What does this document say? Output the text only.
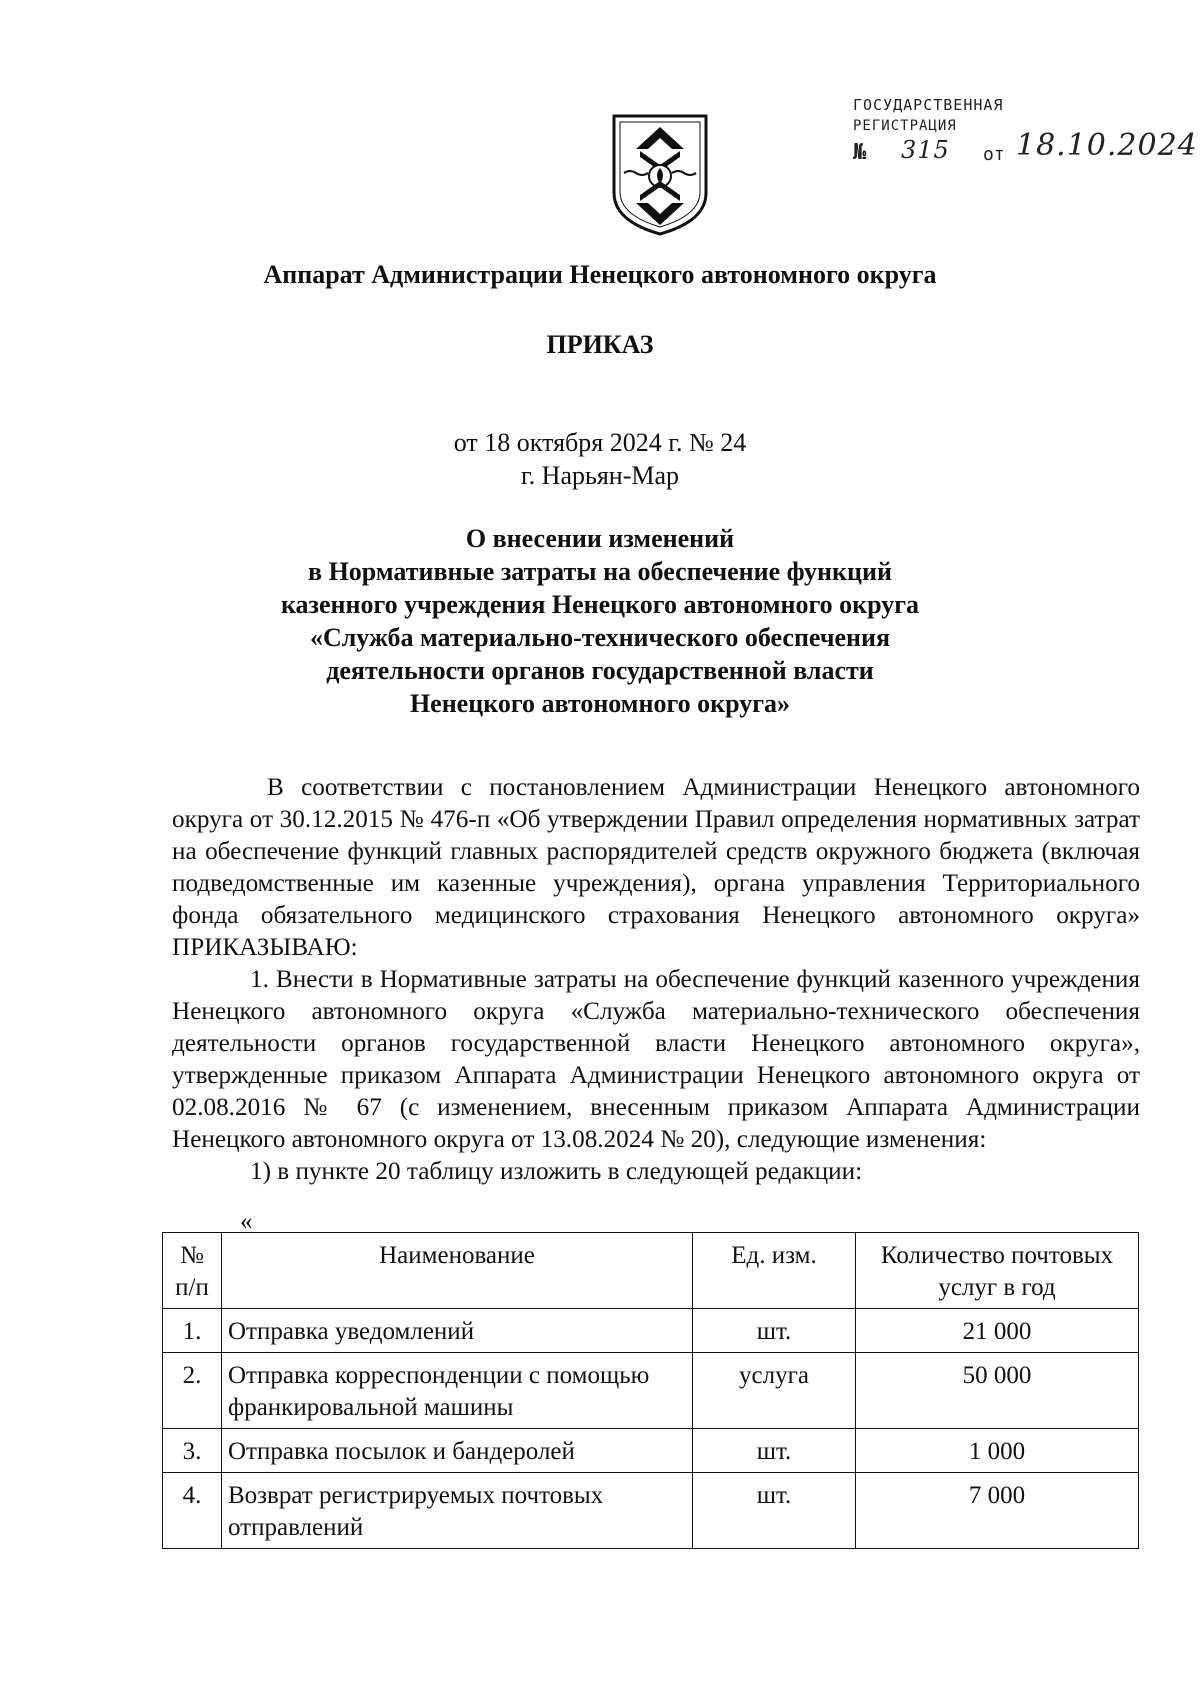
ГОСУДАРСТВЕННАЯ
РЕГИСТРАЦИЯ
№ 315 от 18.10.2024
Аппарат Администрации Ненецкого автономного округа
ПРИКАЗ
от 18 октября 2024 г. № 24
г. Нарьян-Мар
О внесении изменений
в Нормативные затраты на обеспечение функций
казенного учреждения Ненецкого автономного округа
«Служба материально-технического обеспечения
деятельности органов государственной власти
Ненецкого автономного округа»

В соответствии с постановлением Администрации Ненецкого автономного округа от 30.12.2015 № 476-п «Об утверждении Правил определения нормативных затрат на обеспечение функций главных распорядителей средств окружного бюджета (включая подведомственные им казенные учреждения), органа управления Территориального фонда обязательного медицинского страхования Ненецкого автономного округа» ПРИКАЗЫВАЮ:

1. Внести в Нормативные затраты на обеспечение функций казенного учреждения Ненецкого автономного округа «Служба материально-технического обеспечения деятельности органов государственной власти Ненецкого автономного округа», утвержденные приказом Аппарата Администрации Ненецкого автономного округа от 02.08.2016 № 67 (с изменением, внесенным приказом Аппарата Администрации Ненецкого автономного округа от 13.08.2024 № 20), следующие изменения:

1) в пункте 20 таблицу изложить в следующей редакции:

«
№ п/п	Наименование	Ед. изм.	Количество почтовых услуг в год
1.	Отправка уведомлений	шт.	21 000
2.	Отправка корреспонденции с помощью франкировальной машины	услуга	50 000
3.	Отправка посылок и бандеролей	шт.	1 000
4.	Возврат регистрируемых почтовых отправлений	шт.	7 000
